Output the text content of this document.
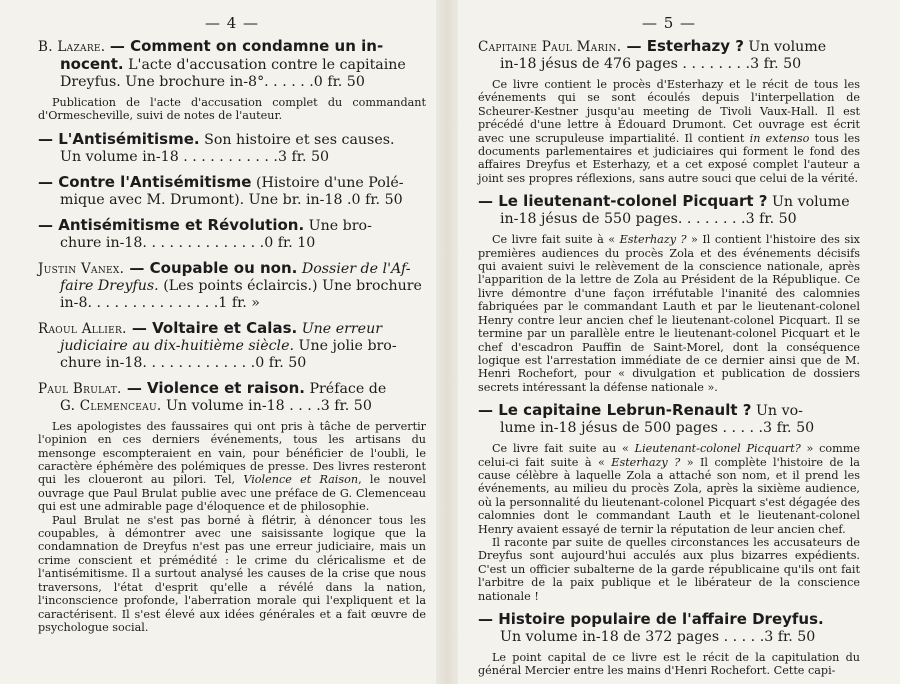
— 4 —
B. Lazare. — Comment on condamne un in-
nocent. L'acte d'accusation contre le capitaine
Dreyfus. Une brochure in-8°. . . . . .0 fr. 50

Publication de l'acte d'accusation complet du commandant d'Ormescheville, suivi de notes de l'auteur.

— L'Antisémitisme. Son histoire et ses causes.
Un volume in-18 . . . . . . . . . . .3 fr. 50
— Contre l'Antisémitisme (Histoire d'une Polé-
mique avec M. Drumont). Une br. in-18 .0 fr. 50
— Antisémitisme et Révolution. Une bro-
chure in-18. . . . . . . . . . . . . .0 fr. 10
Justin Vanex. — Coupable ou non. Dossier de l'Af-
faire Dreyfus. (Les points éclaircis.) Une brochure
in-8. . . . . . . . . . . . . . .1 fr. »
Raoul Allier. — Voltaire et Calas. Une erreur
judiciaire au dix-huitième siècle. Une jolie bro-
chure in-18. . . . . . . . . . . . .0 fr. 50
Paul Brulat. — Violence et raison. Préface de
G. Clemenceau. Un volume in-18 . . . .3 fr. 50

Les apologistes des faussaires qui ont pris à tâche de pervertir l'opinion en ces derniers événements, tous les artisans du mensonge escompteraient en vain, pour bénéficier de l'oubli, le caractère éphémère des polémiques de presse. Des livres resteront qui les cloueront au pilori. Tel, Violence et Raison, le nouvel ouvrage que Paul Brulat publie avec une préface de G. Clemenceau qui est une admirable page d'éloquence et de philosophie.

Paul Brulat ne s'est pas borné à flétrir, à dénoncer tous les coupables, à démontrer avec une saisissante logique que la condamnation de Dreyfus n'est pas une erreur judiciaire, mais un crime conscient et prémédité : le crime du cléricalisme et de l'antisémitisme. Il a surtout analysé les causes de la crise que nous traversons, l'état d'esprit qu'elle a révélé dans la nation, l'inconscience profonde, l'aberration morale qui l'expliquent et la caractérisent. Il s'est élevé aux idées générales et a fait œuvre de psychologue social.

— 5 —
Capitaine Paul Marin. — Esterhazy ? Un volume
in-18 jésus de 476 pages . . . . . . . .3 fr. 50

Ce livre contient le procès d'Esterhazy et le récit de tous les événements qui se sont écoulés depuis l'interpellation de Scheurer-Kestner jusqu'au meeting de Tivoli Vaux-Hall. Il est précédé d'une lettre à Édouard Drumont. Cet ouvrage est écrit avec une scrupuleuse impartialité. Il contient in extenso tous les documents parlementaires et judiciaires qui forment le fond des affaires Dreyfus et Esterhazy, et a cet exposé complet l'auteur a joint ses propres réflexions, sans autre souci que celui de la vérité.

— Le lieutenant-colonel Picquart ? Un volume
in-18 jésus de 550 pages. . . . . . . .3 fr. 50

Ce livre fait suite à « Esterhazy ? » Il contient l'histoire des six premières audiences du procès Zola et des événements décisifs qui avaient suivi le relèvement de la conscience nationale, après l'apparition de la lettre de Zola au Président de la République. Ce livre démontre d'une façon irréfutable l'inanité des calomnies fabriquées par le commandant Lauth et par le lieutenant-colonel Henry contre leur ancien chef le lieutenant-colonel Picquart. Il se termine par un parallèle entre le lieutenant-colonel Picquart et le chef d'escadron Pauffin de Saint-Morel, dont la conséquence logique est l'arrestation immédiate de ce dernier ainsi que de M. Henri Rochefort, pour « divulgation et publication de dossiers secrets intéressant la défense nationale ».

— Le capitaine Lebrun-Renault ? Un vo-
lume in-18 jésus de 500 pages . . . . .3 fr. 50

Ce livre fait suite au « Lieutenant-colonel Picquart? » comme celui-ci fait suite à « Esterhazy ? » Il complète l'histoire de la cause célèbre à laquelle Zola a attaché son nom, et il prend les événements, au milieu du procès Zola, après la sixième audience, où la personnalité du lieutenant-colonel Picquart s'est dégagée des calomnies dont le commandant Lauth et le lieutenant-colonel Henry avaient essayé de ternir la réputation de leur ancien chef.

Il raconte par suite de quelles circonstances les accusateurs de Dreyfus sont aujourd'hui acculés aux plus bizarres expédients. C'est un officier subalterne de la garde républicaine qu'ils ont fait l'arbitre de la paix publique et le libérateur de la conscience nationale !

— Histoire populaire de l'affaire Dreyfus.
Un volume in-18 de 372 pages . . . . .3 fr. 50

Le point capital de ce livre est le récit de la capitulation du général Mercier entre les mains d'Henri Rochefort. Cette capi-
